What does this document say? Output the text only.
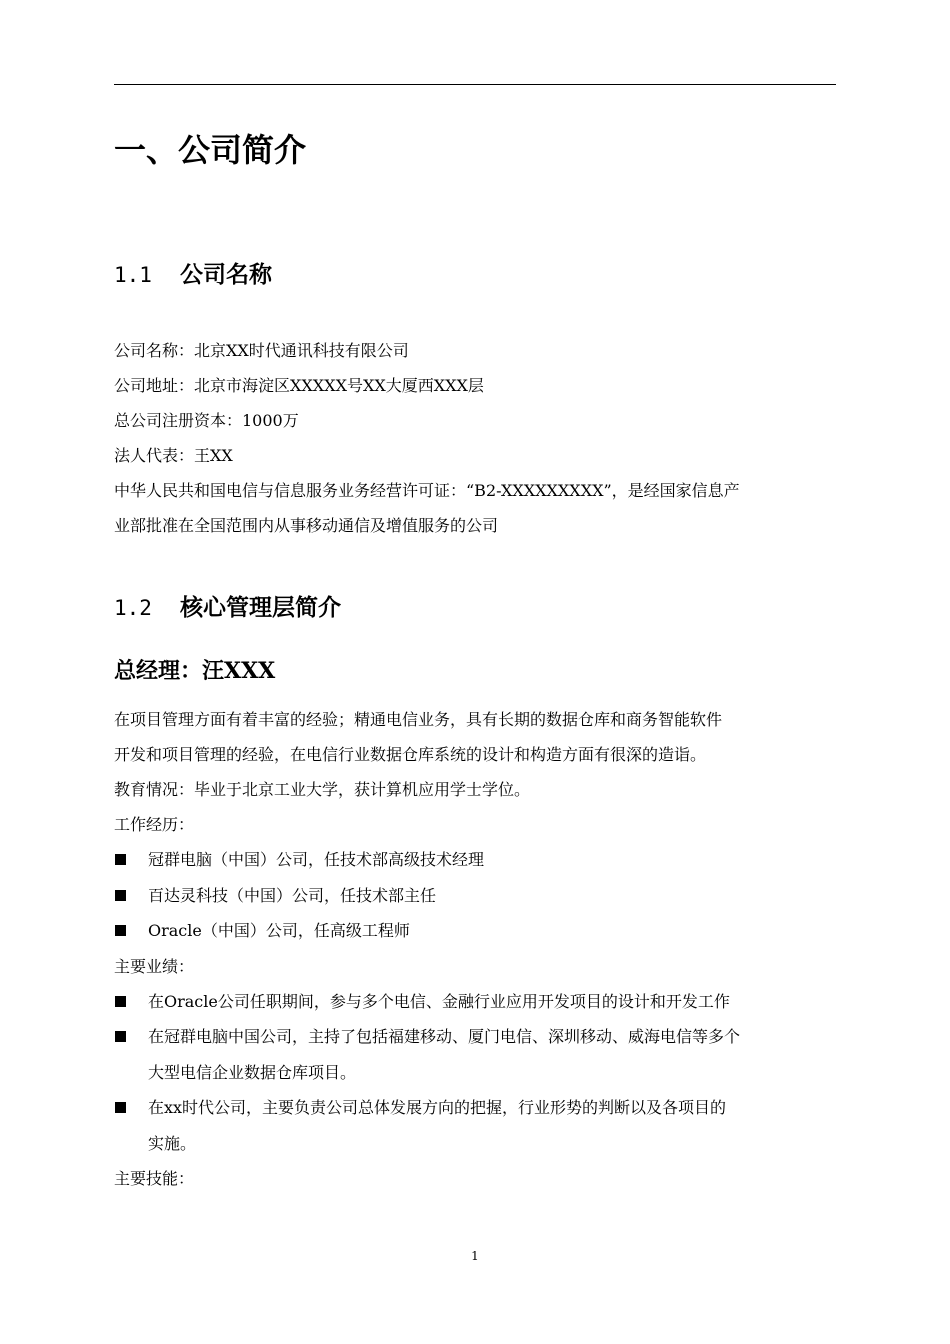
一、公司简介
1.1 公司名称
公司名称：北京XX时代通讯科技有限公司
公司地址：北京市海淀区XXXXX号XX大厦西XXX层
总公司注册资本：1000万
法人代表：王XX
中华人民共和国电信与信息服务业务经营许可证：“B2-XXXXXXXXX”，是经国家信息产
业部批准在全国范围内从事移动通信及增值服务的公司
1.2 核心管理层简介
总经理：汪XXX
在项目管理方面有着丰富的经验；精通电信业务，具有长期的数据仓库和商务智能软件
开发和项目管理的经验，在电信行业数据仓库系统的设计和构造方面有很深的造诣。
教育情况：毕业于北京工业大学，获计算机应用学士学位。
工作经历：
冠群电脑（中国）公司，任技术部高级技术经理
百达灵科技（中国）公司，任技术部主任
Oracle（中国）公司，任高级工程师
主要业绩：
在Oracle公司任职期间，参与多个电信、金融行业应用开发项目的设计和开发工作
在冠群电脑中国公司，主持了包括福建移动、厦门电信、深圳移动、威海电信等多个
大型电信企业数据仓库项目。
在xx时代公司，主要负责公司总体发展方向的把握，行业形势的判断以及各项目的
实施。
主要技能：
1
